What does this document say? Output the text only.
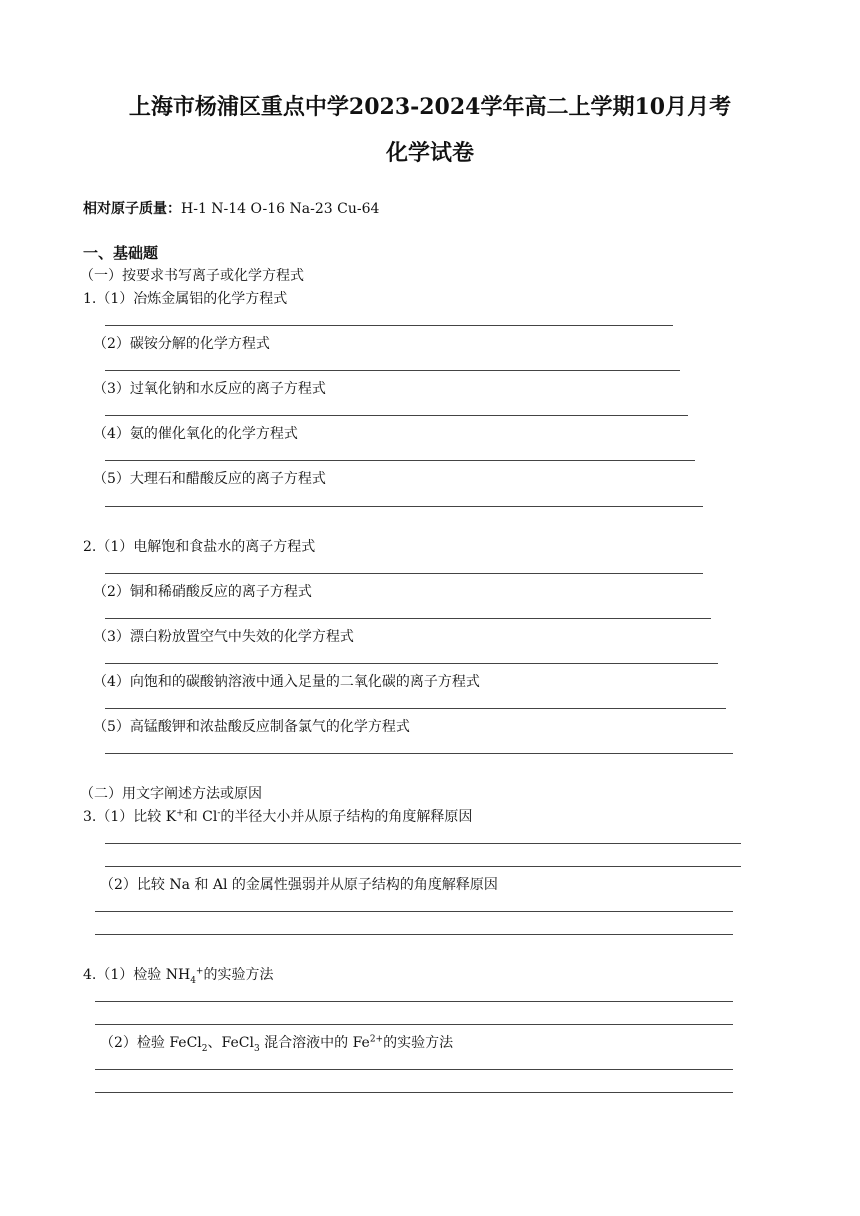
上海市杨浦区重点中学2023-2024学年高二上学期10月月考
化学试卷
相对原子质量：H-1 N-14 O-16 Na-23 Cu-64
一、基础题
（一）按要求书写离子或化学方程式
1.（1）冶炼金属铝的化学方程式
（2）碳铵分解的化学方程式
（3）过氧化钠和水反应的离子方程式
（4）氨的催化氧化的化学方程式
（5）大理石和醋酸反应的离子方程式
2.（1）电解饱和食盐水的离子方程式
（2）铜和稀硝酸反应的离子方程式
（3）漂白粉放置空气中失效的化学方程式
（4）向饱和的碳酸钠溶液中通入足量的二氧化碳的离子方程式
（5）高锰酸钾和浓盐酸反应制备氯气的化学方程式
（二）用文字阐述方法或原因
3.（1）比较 K+和 Cl-的半径大小并从原子结构的角度解释原因
（2）比较 Na 和 Al 的金属性强弱并从原子结构的角度解释原因
4.（1）检验 $NH_4^+$的实验方法
（2）检验 FeCl$_2$、FeCl$_3$ 混合溶液中的 $Fe^{2+}$的实验方法
